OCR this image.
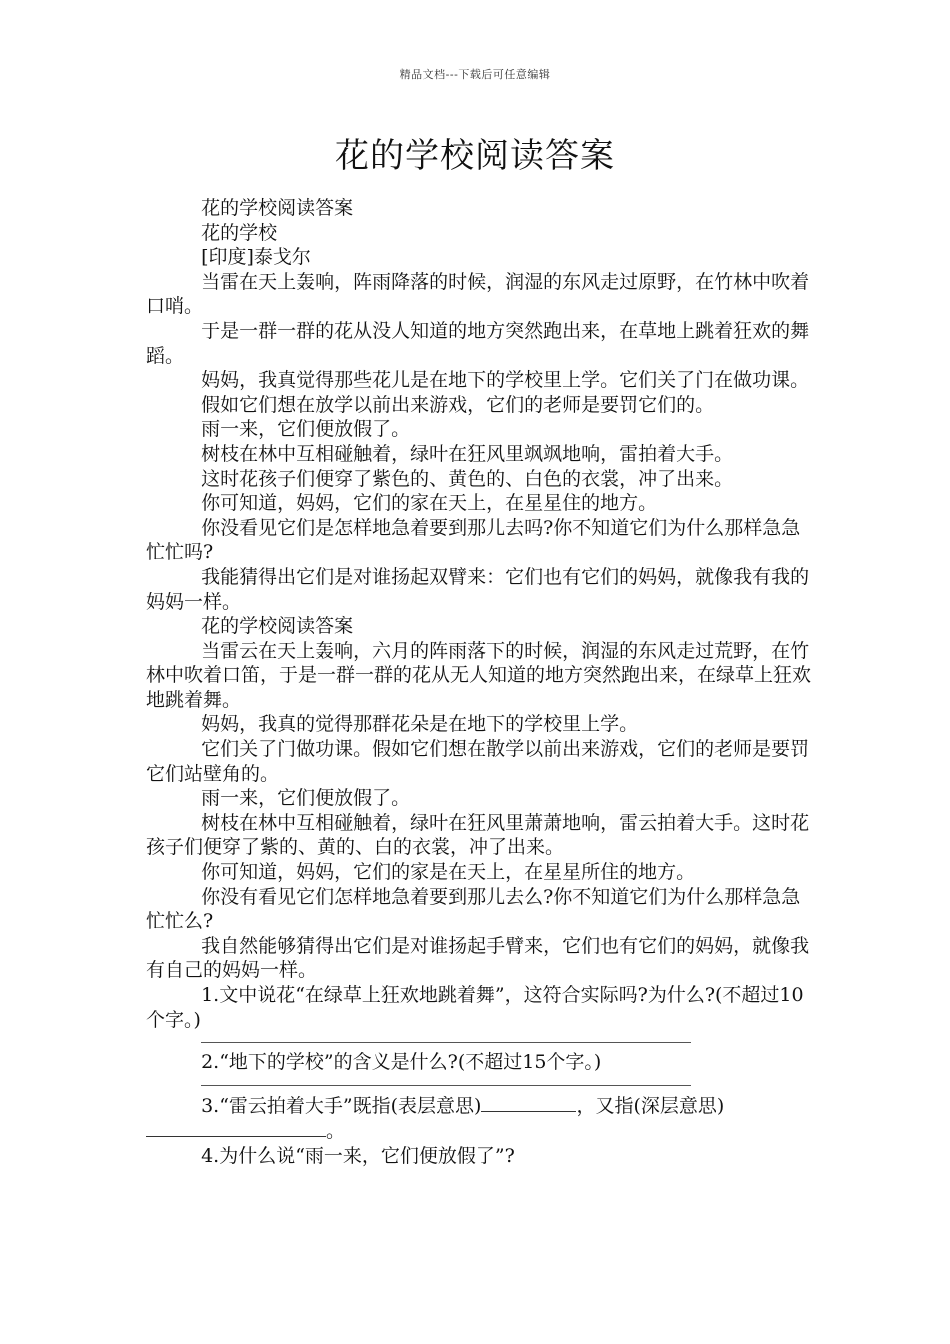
精品文档---下载后可任意编辑
花的学校阅读答案

花的学校阅读答案

花的学校

[印度]泰戈尔

当雷在天上轰响，阵雨降落的时候，润湿的东风走过原野，在竹林中吹着口哨。

于是一群一群的花从没人知道的地方突然跑出来，在草地上跳着狂欢的舞蹈。

妈妈，我真觉得那些花儿是在地下的学校里上学。它们关了门在做功课。

假如它们想在放学以前出来游戏，它们的老师是要罚它们的。

雨一来，它们便放假了。

树枝在林中互相碰触着，绿叶在狂风里飒飒地响，雷拍着大手。

这时花孩子们便穿了紫色的、黄色的、白色的衣裳，冲了出来。

你可知道，妈妈，它们的家在天上，在星星住的地方。

你没看见它们是怎样地急着要到那儿去吗?你不知道它们为什么那样急急忙忙吗?

我能猜得出它们是对谁扬起双臂来：它们也有它们的妈妈，就像我有我的妈妈一样。

花的学校阅读答案

当雷云在天上轰响，六月的阵雨落下的时候，润湿的东风走过荒野，在竹林中吹着口笛，于是一群一群的花从无人知道的地方突然跑出来，在绿草上狂欢地跳着舞。

妈妈，我真的觉得那群花朵是在地下的学校里上学。

它们关了门做功课。假如它们想在散学以前出来游戏，它们的老师是要罚它们站壁角的。

雨一来，它们便放假了。

树枝在林中互相碰触着，绿叶在狂风里萧萧地响，雷云拍着大手。这时花孩子们便穿了紫的、黄的、白的衣裳，冲了出来。

你可知道，妈妈，它们的家是在天上，在星星所住的地方。

你没有看见它们怎样地急着要到那儿去么?你不知道它们为什么那样急急忙忙么?

我自然能够猜得出它们是对谁扬起手臂来，它们也有它们的妈妈，就像我有自己的妈妈一样。

1.文中说花“在绿草上狂欢地跳着舞”，这符合实际吗?为什么?(不超过10个字。)

2.“地下的学校”的含义是什么?(不超过15个字。)

3.“雷云拍着大手”既指(表层意思)	，又指(深层意思)。

4.为什么说“雨一来，它们便放假了”?
